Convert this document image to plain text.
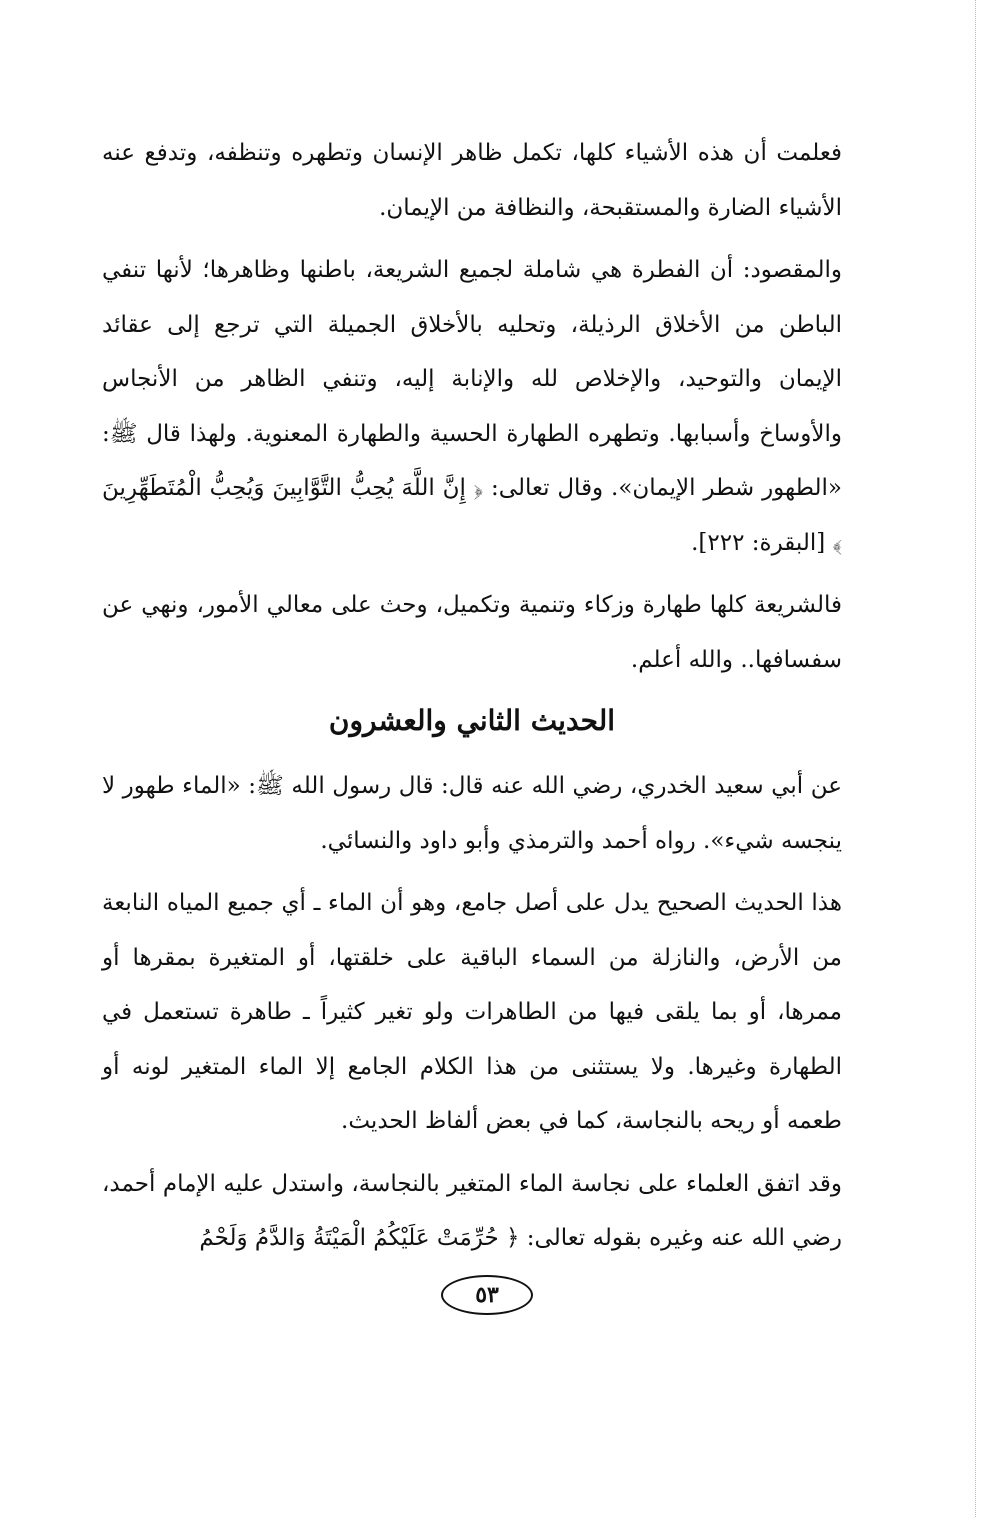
فعلمت أن هذه الأشياء كلها، تكمل ظاهر الإنسان وتطهره وتنظفه، وتدفع عنه الأشياء الضارة والمستقبحة، والنظافة من الإيمان.

والمقصود: أن الفطرة هي شاملة لجميع الشريعة، باطنها وظاهرها؛ لأنها تنفي الباطن من الأخلاق الرذيلة، وتحليه بالأخلاق الجميلة التي ترجع إلى عقائد الإيمان والتوحيد، والإخلاص لله والإنابة إليه، وتنفي الظاهر من الأنجاس والأوساخ وأسبابها. وتطهره الطهارة الحسية والطهارة المعنوية. ولهذا قال ﷺ: «الطهور شطر الإيمان». وقال تعالى: ﴿ إِنَّ اللَّهَ يُحِبُّ التَّوَّابِينَ وَيُحِبُّ الْمُتَطَهِّرِينَ ﴾ [البقرة: ٢٢٢].

فالشريعة كلها طهارة وزكاء وتنمية وتكميل، وحث على معالي الأمور، ونهي عن سفسافها.. والله أعلم.

الحديث الثاني والعشرون

عن أبي سعيد الخدري، رضي الله عنه قال: قال رسول الله ﷺ: «الماء طهور لا ينجسه شيء». رواه أحمد والترمذي وأبو داود والنسائي.

هذا الحديث الصحيح يدل على أصل جامع، وهو أن الماء ـ أي جميع المياه النابعة من الأرض، والنازلة من السماء الباقية على خلقتها، أو المتغيرة بمقرها أو ممرها، أو بما يلقى فيها من الطاهرات ولو تغير كثيراً ـ طاهرة تستعمل في الطهارة وغيرها. ولا يستثنى من هذا الكلام الجامع إلا الماء المتغير لونه أو طعمه أو ريحه بالنجاسة، كما في بعض ألفاظ الحديث.

وقد اتفق العلماء على نجاسة الماء المتغير بالنجاسة، واستدل عليه الإمام أحمد، رضي الله عنه وغيره بقوله تعالى: ﴿ حُرِّمَتْ عَلَيْكُمُ الْمَيْتَةُ وَالدَّمُ وَلَحْمُ

٥٣
